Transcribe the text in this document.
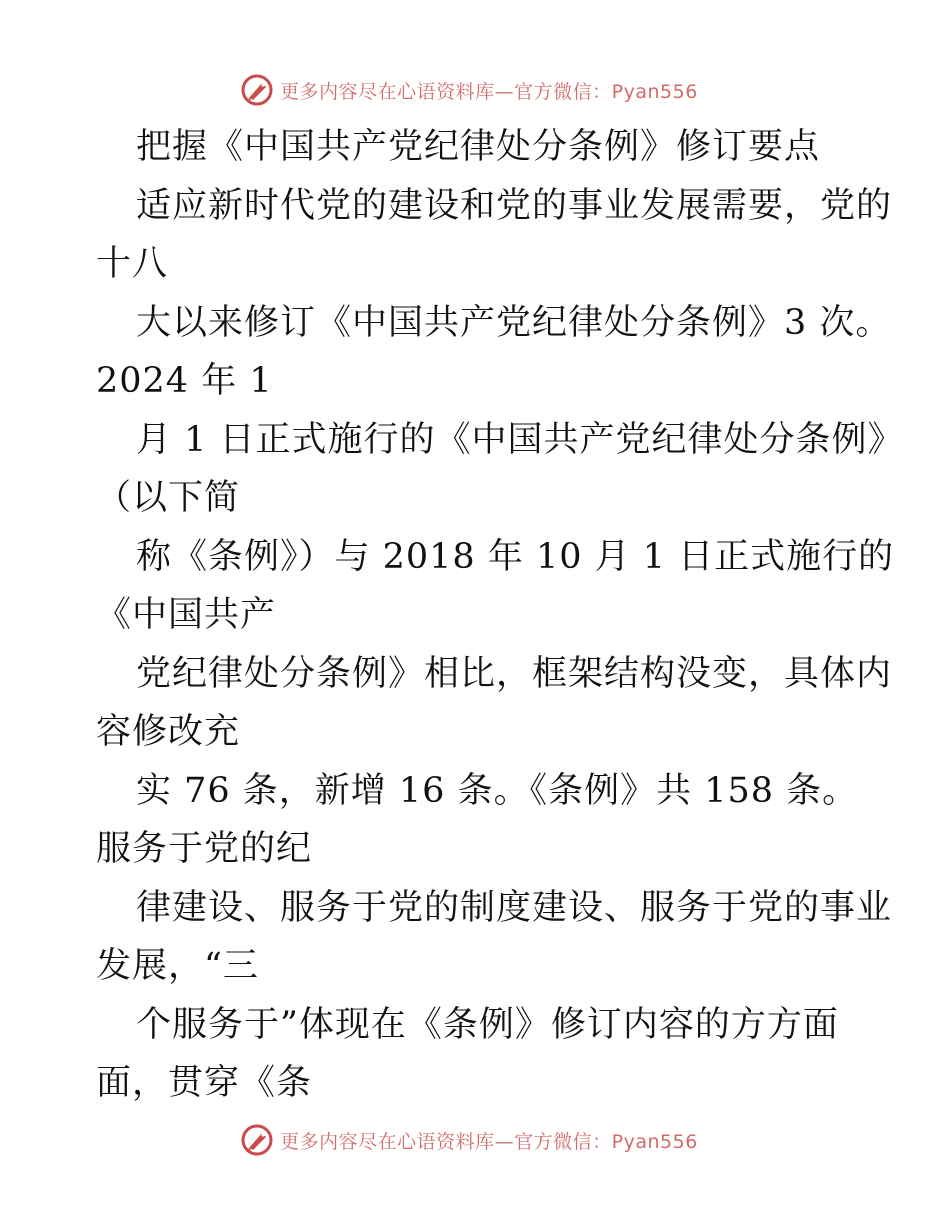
更多内容尽在心语资料库—官方微信：Pyan556
把握《中国共产党纪律处分条例》修订要点
适应新时代党的建设和党的事业发展需要，党的
十八
大以来修订《中国共产党纪律处分条例》3 次。
2024 年 1
月 1 日正式施行的《中国共产党纪律处分条例》
（以下简
称《条例》）与 2018 年 10 月 1 日正式施行的
《中国共产
党纪律处分条例》相比，框架结构没变，具体内
容修改充
实 76 条，新增 16 条。《条例》共 158 条。
服务于党的纪
律建设、服务于党的制度建设、服务于党的事业
发展，“三
个服务于”体现在《条例》修订内容的方方面
面，贯穿《条
更多内容尽在心语资料库—官方微信：Pyan556
